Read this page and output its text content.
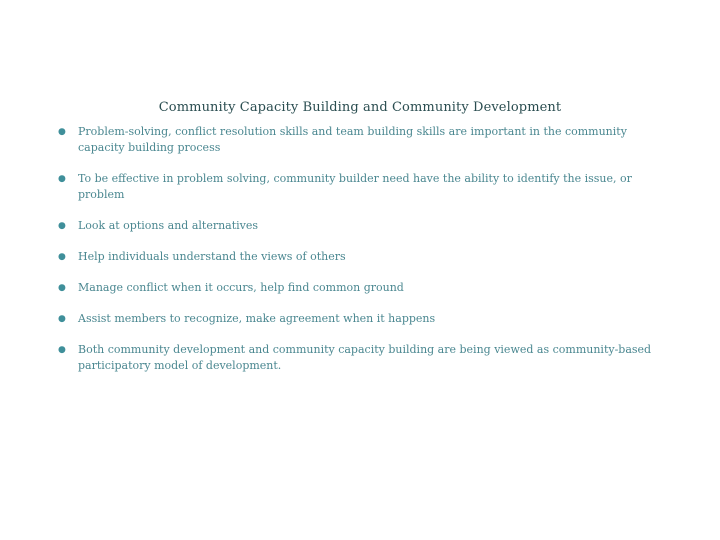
Community Capacity Building and Community Development
●	Problem-solving, conflict resolution skills and team building skills are important in the community capacity building process
●	To be effective in problem solving, community builder need have the ability to identify the issue, or problem
●	Look at options and alternatives
●	Help individuals understand the views of others
●	Manage conflict when it occurs, help find common ground
●	Assist members to recognize, make agreement when it happens
●	Both community development and community capacity building are being viewed as community-based participatory model of development.
